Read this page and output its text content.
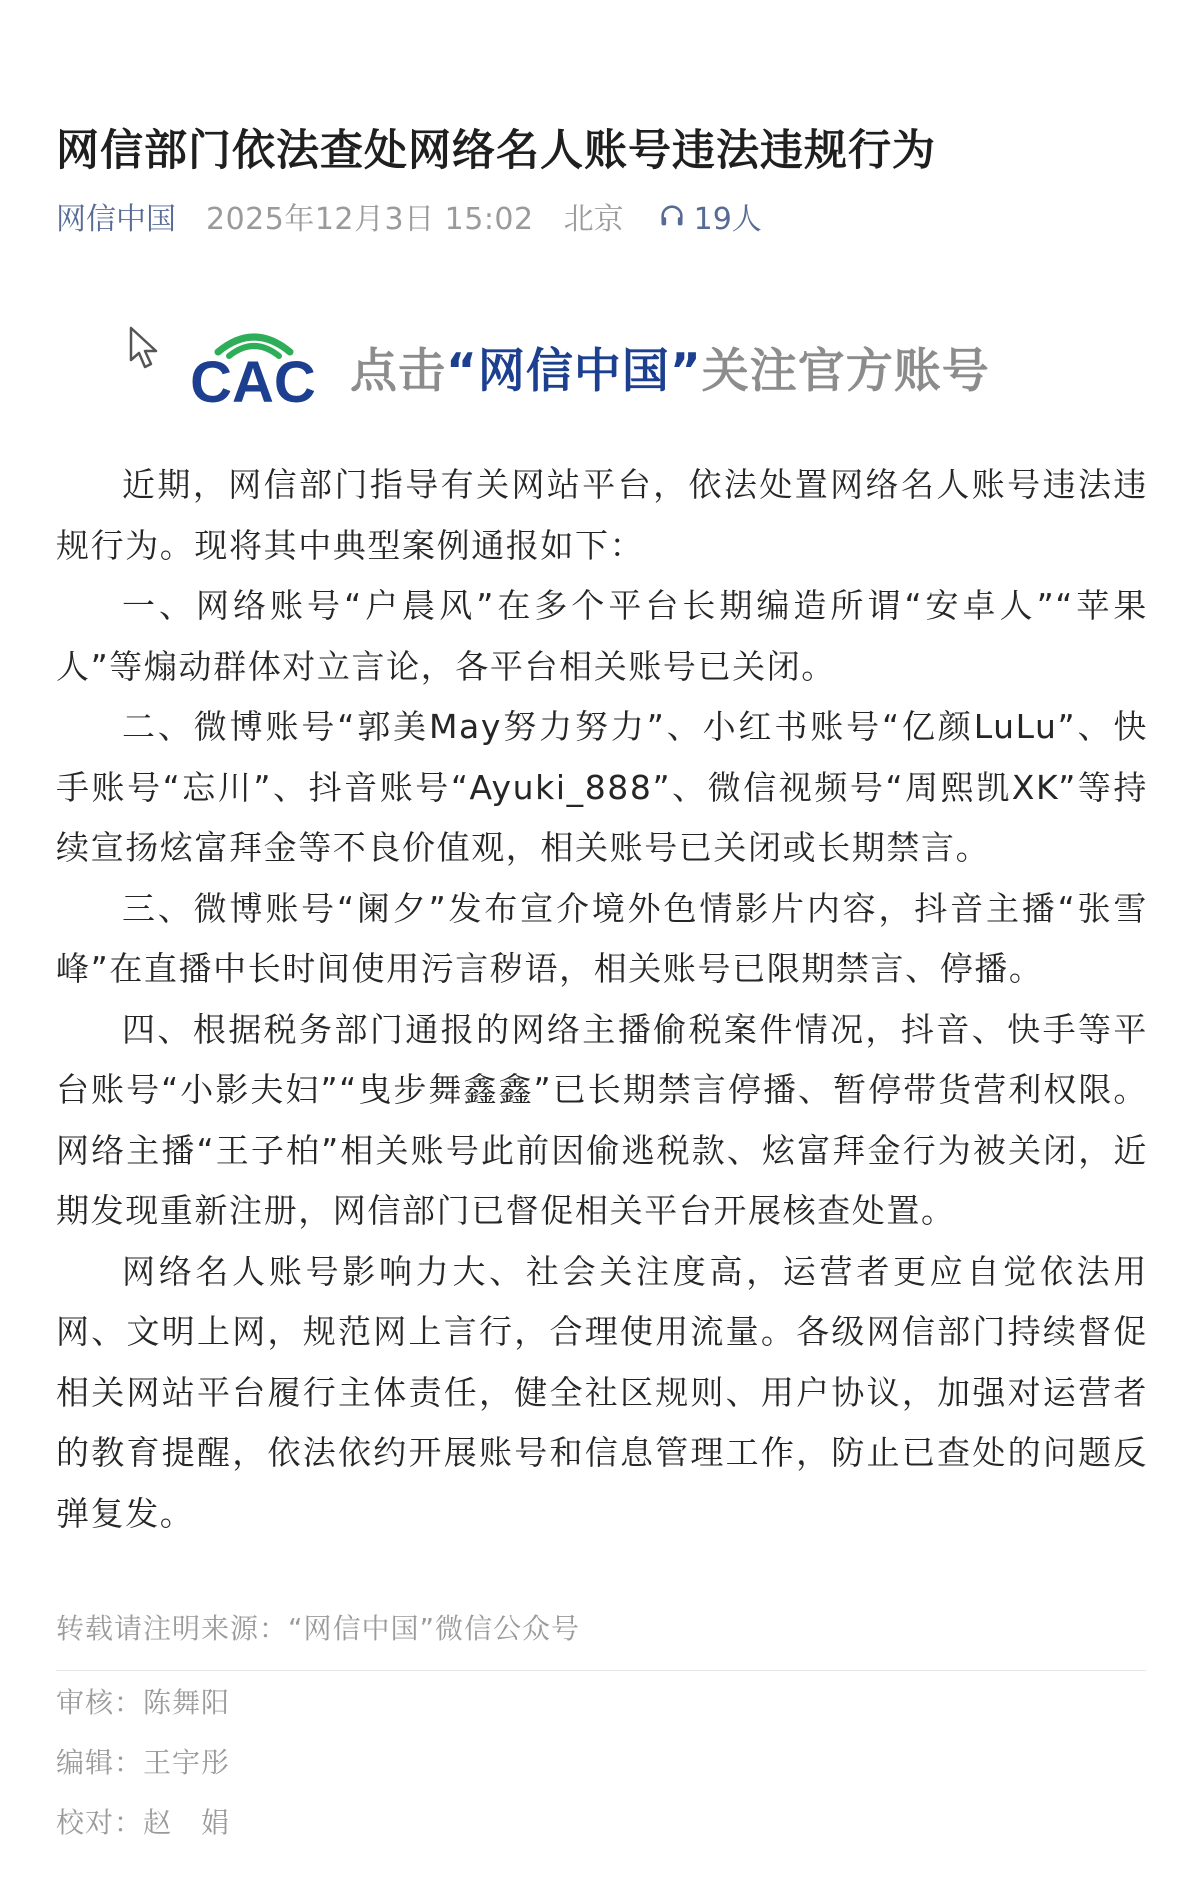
网信部门依法查处网络名人账号违法违规行为
网信中国 2025年12月3日 15:02 北京 19人
CAC 点击“网信中国”关注官方账号

近期，网信部门指导有关网站平台，依法处置网络名人账号违法违规行为。现将其中典型案例通报如下：

一、网络账号“户晨风”在多个平台长期编造所谓“安卓人”“苹果人”等煽动群体对立言论，各平台相关账号已关闭。

二、微博账号“郭美May努力努力”、小红书账号“亿颜LuLu”、快手账号“忘川”、抖音账号“Ayuki_888”、微信视频号“周熙凯XK”等持续宣扬炫富拜金等不良价值观，相关账号已关闭或长期禁言。

三、微博账号“阑夕”发布宣介境外色情影片内容，抖音主播“张雪峰”在直播中长时间使用污言秽语，相关账号已限期禁言、停播。

四、根据税务部门通报的网络主播偷税案件情况，抖音、快手等平台账号“小影夫妇”“曳步舞鑫鑫”已长期禁言停播、暂停带货营利权限。网络主播“王子柏”相关账号此前因偷逃税款、炫富拜金行为被关闭，近期发现重新注册，网信部门已督促相关平台开展核查处置。

网络名人账号影响力大、社会关注度高，运营者更应自觉依法用网、文明上网，规范网上言行，合理使用流量。各级网信部门持续督促相关网站平台履行主体责任，健全社区规则、用户协议，加强对运营者的教育提醒，依法依约开展账号和信息管理工作，防止已查处的问题反弹复发。

转载请注明来源：“网信中国”微信公众号
审核：陈舞阳
编辑：王宇彤
校对：赵　娟
